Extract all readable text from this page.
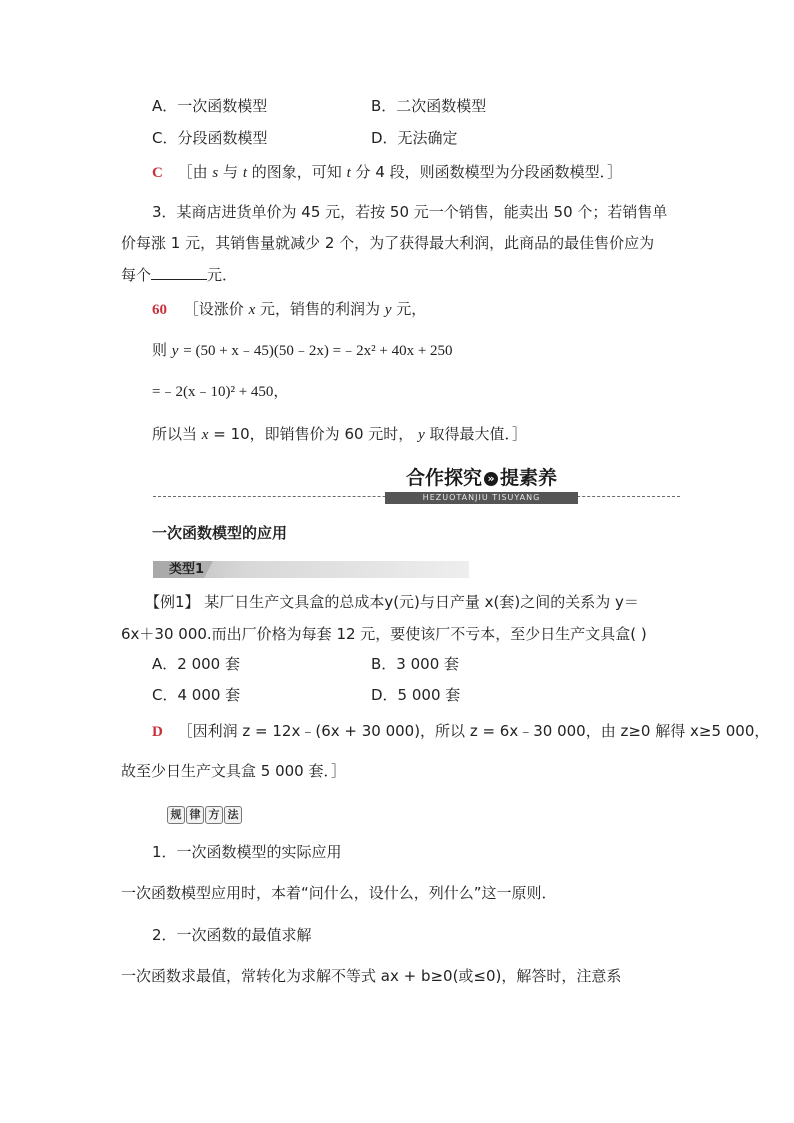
A．一次函数模型	B．二次函数模型
C．分段函数模型	D．无法确定
C ［由 s 与 t 的图象，可知 t 分 4 段，则函数模型为分段函数模型．］
3．某商店进货单价为 45 元，若按 50 元一个销售，能卖出 50 个；若销售单
价每涨 1 元，其销售量就减少 2 个，为了获得最大利润，此商品的最佳售价应为
每个	元．
60 ［设涨价 x 元，销售的利润为 y 元，
则 y = (50 + x﹣45)(50﹣2x) =﹣2x² + 40x + 250
=﹣2(x﹣10)² + 450，
所以当 x = 10，即销售价为 60 元时， y 取得最大值．］
合作探究 » 提素养
HEZUOTANJIU TISUYANG
一次函数模型的应用
类型1
【例1】 某厂日生产文具盒的总成本y(元)与日产量 x(套)之间的关系为 y＝
6x＋30 000.而出厂价格为每套 12 元，要使该厂不亏本，至少日生产文具盒( )
A．2 000 套	B．3 000 套
C．4 000 套	D．5 000 套
D ［因利润 z = 12x﹣(6x + 30 000)，所以 z = 6x﹣30 000，由 z≥0 解得 x≥5 000，
故至少日生产文具盒 5 000 套．］
规 律 方 法
1．一次函数模型的实际应用
一次函数模型应用时，本着“问什么，设什么，列什么”这一原则．
2．一次函数的最值求解
一次函数求最值，常转化为求解不等式 ax + b≥0(或≤0)，解答时，注意系
